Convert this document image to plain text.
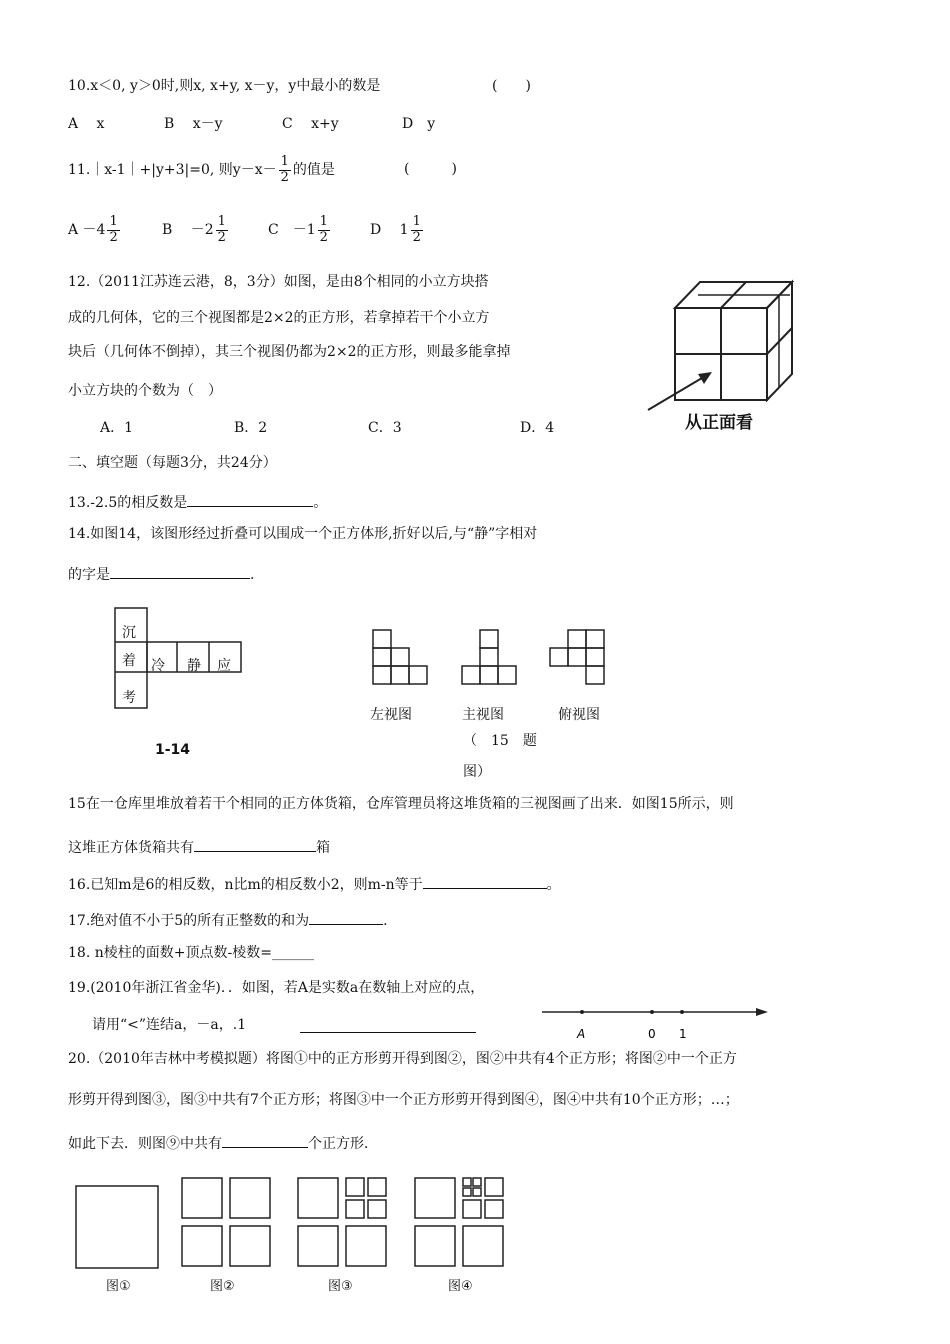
10.x＜0, y＞0时,则x, x+y, x－y，y中最小的数是	(　　)
A　 x	B　 x－y	C　 x+y	D　y
11.｜x-1｜+|y+3|=0, 则$y-x- \frac{1}{2}$ 的值是	(　　　)
$A -4 \frac{1}{2}$	B　 $-2 \frac{1}{2}$	C　$-1 \frac{1}{2}$	D　 $1 \frac{1}{2}$
12.（2011江苏连云港，8，3分）如图，是由8个相同的小立方块搭
成的几何体，它的三个视图都是2×2的正方形，若拿掉若干个小立方
块后（几何体不倒掉），其三个视图仍都为2×2的正方形，则最多能拿掉
小立方块的个数为（　）
A．1	B．2	C．3	D．4	从正面看
二、填空题（每题3分，共24分）
13.-2.5的相反数是	。
14.如图14，该图形经过折叠可以围成一个正方体形,折好以后,与“静”字相对
的字是	.
沉
着 冷 静 应
考
1-14
左视图	主视图	俯视图
（　15　题
图）
15在一仓库里堆放着若干个相同的正方体货箱，仓库管理员将这堆货箱的三视图画了出来．如图15所示，则
这堆正方体货箱共有	箱
16.已知m是6的相反数，n比m的相反数小2，则m-n等于	。
17.绝对值不小于5的所有正整数的和为	.
18. n棱柱的面数+顶点数-棱数=______
19.(2010年浙江省金华)．．如图，若A是实数a在数轴上对应的点，
请用“<”连结a，－a，.1
A	0 1
20.（2010年吉林中考模拟题）将图①中的正方形剪开得到图②，图②中共有4个正方形；将图②中一个正方
形剪开得到图③，图③中共有7个正方形；将图③中一个正方形剪开得到图④，图④中共有10个正方形；…；
如此下去．则图⑨中共有	个正方形．
图①	图②	图③	图④
